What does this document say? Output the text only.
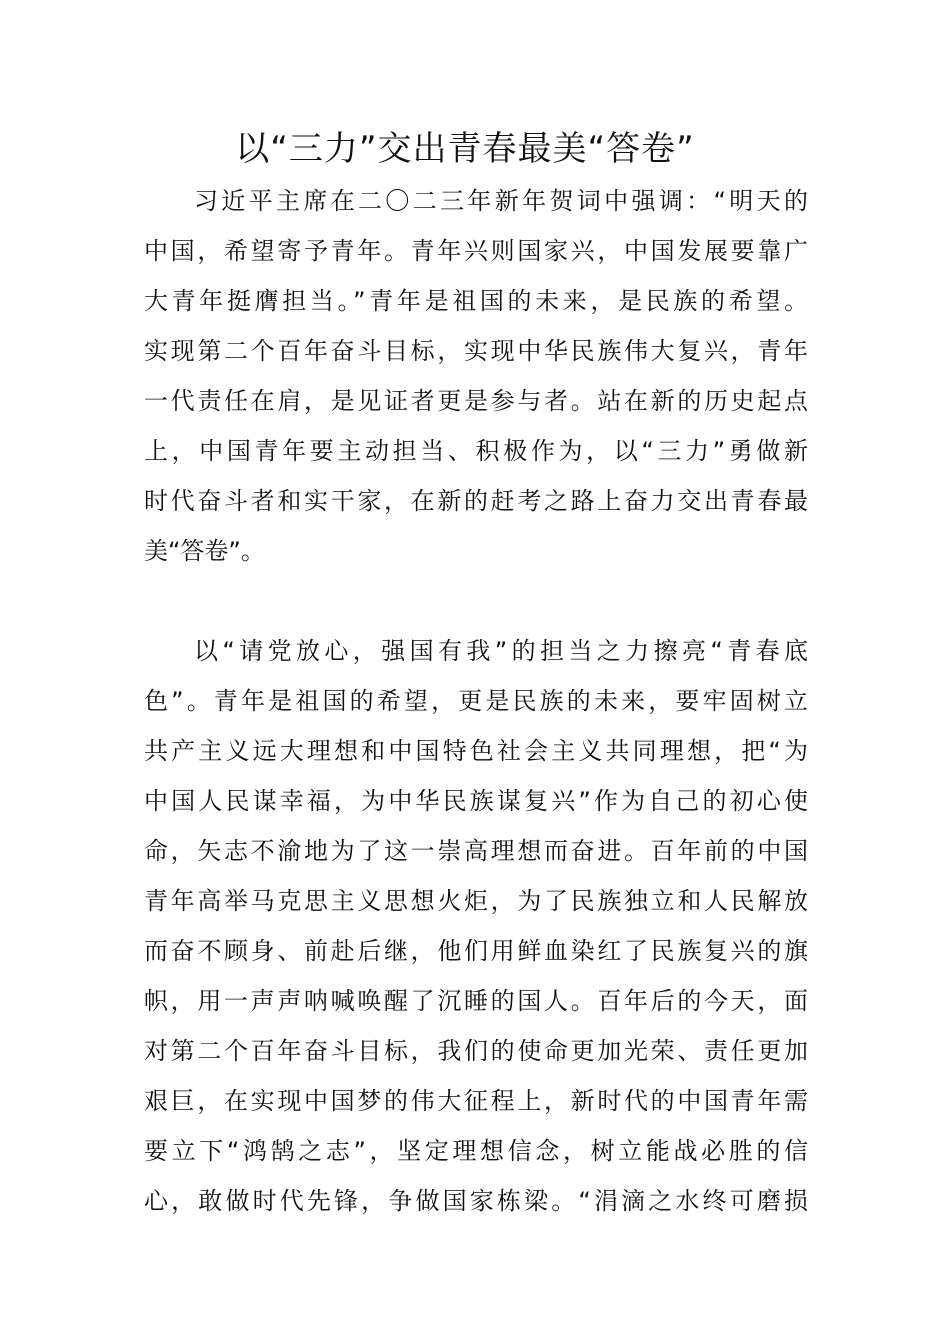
以“三力”交出青春最美“答卷”
习近平主席在二〇二三年新年贺词中强调：“明天的
中国，希望寄予青年。青年兴则国家兴，中国发展要靠广
大青年挺膺担当。”青年是祖国的未来，是民族的希望。
实现第二个百年奋斗目标，实现中华民族伟大复兴，青年
一代责任在肩，是见证者更是参与者。站在新的历史起点
上，中国青年要主动担当、积极作为，以“三力”勇做新
时代奋斗者和实干家，在新的赶考之路上奋力交出青春最
美“答卷”。
以“请党放心，强国有我”的担当之力擦亮“青春底
色”。青年是祖国的希望，更是民族的未来，要牢固树立
共产主义远大理想和中国特色社会主义共同理想，把“为
中国人民谋幸福，为中华民族谋复兴”作为自己的初心使
命，矢志不渝地为了这一崇高理想而奋进。百年前的中国
青年高举马克思主义思想火炬，为了民族独立和人民解放
而奋不顾身、前赴后继，他们用鲜血染红了民族复兴的旗
帜，用一声声呐喊唤醒了沉睡的国人。百年后的今天，面
对第二个百年奋斗目标，我们的使命更加光荣、责任更加
艰巨，在实现中国梦的伟大征程上，新时代的中国青年需
要立下“鸿鹄之志”，坚定理想信念，树立能战必胜的信
心，敢做时代先锋，争做国家栋梁。“涓滴之水终可磨损
